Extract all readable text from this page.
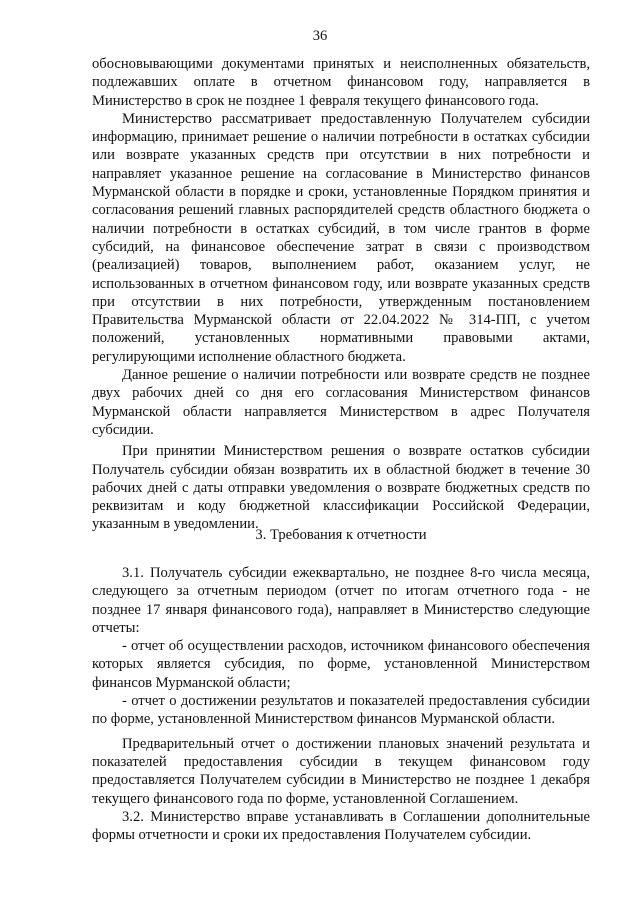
36

обосновывающими документами принятых и неисполненных обязательств, подлежавших оплате в отчетном финансовом году, направляется в Министерство в срок не позднее 1 февраля текущего финансового года.

Министерство рассматривает предоставленную Получателем субсидии информацию, принимает решение о наличии потребности в остатках субсидии или возврате указанных средств при отсутствии в них потребности и направляет указанное решение на согласование в Министерство финансов Мурманской области в порядке и сроки, установленные Порядком принятия и согласования решений главных распорядителей средств областного бюджета о наличии потребности в остатках субсидий, в том числе грантов в форме субсидий, на финансовое обеспечение затрат в связи с производством (реализацией) товаров, выполнением работ, оказанием услуг, не использованных в отчетном финансовом году, или возврате указанных средств при отсутствии в них потребности, утвержденным постановлением Правительства Мурманской области от 22.04.2022 № 314-ПП, с учетом положений, установленных нормативными правовыми актами, регулирующими исполнение областного бюджета.

Данное решение о наличии потребности или возврате средств не позднее двух рабочих дней со дня его согласования Министерством финансов Мурманской области направляется Министерством в адрес Получателя субсидии.

При принятии Министерством решения о возврате остатков субсидии Получатель субсидии обязан возвратить их в областной бюджет в течение 30 рабочих дней с даты отправки уведомления о возврате бюджетных средств по реквизитам и коду бюджетной классификации Российской Федерации, указанным в уведомлении.

3. Требования к отчетности

3.1. Получатель субсидии ежеквартально, не позднее 8-го числа месяца, следующего за отчетным периодом (отчет по итогам отчетного года - не позднее 17 января финансового года), направляет в Министерство следующие отчеты:

- отчет об осуществлении расходов, источником финансового обеспечения которых является субсидия, по форме, установленной Министерством финансов Мурманской области;

- отчет о достижении результатов и показателей предоставления субсидии по форме, установленной Министерством финансов Мурманской области.

Предварительный отчет о достижении плановых значений результата и показателей предоставления субсидии в текущем финансовом году предоставляется Получателем субсидии в Министерство не позднее 1 декабря текущего финансового года по форме, установленной Соглашением.

3.2. Министерство вправе устанавливать в Соглашении дополнительные формы отчетности и сроки их предоставления Получателем субсидии.
